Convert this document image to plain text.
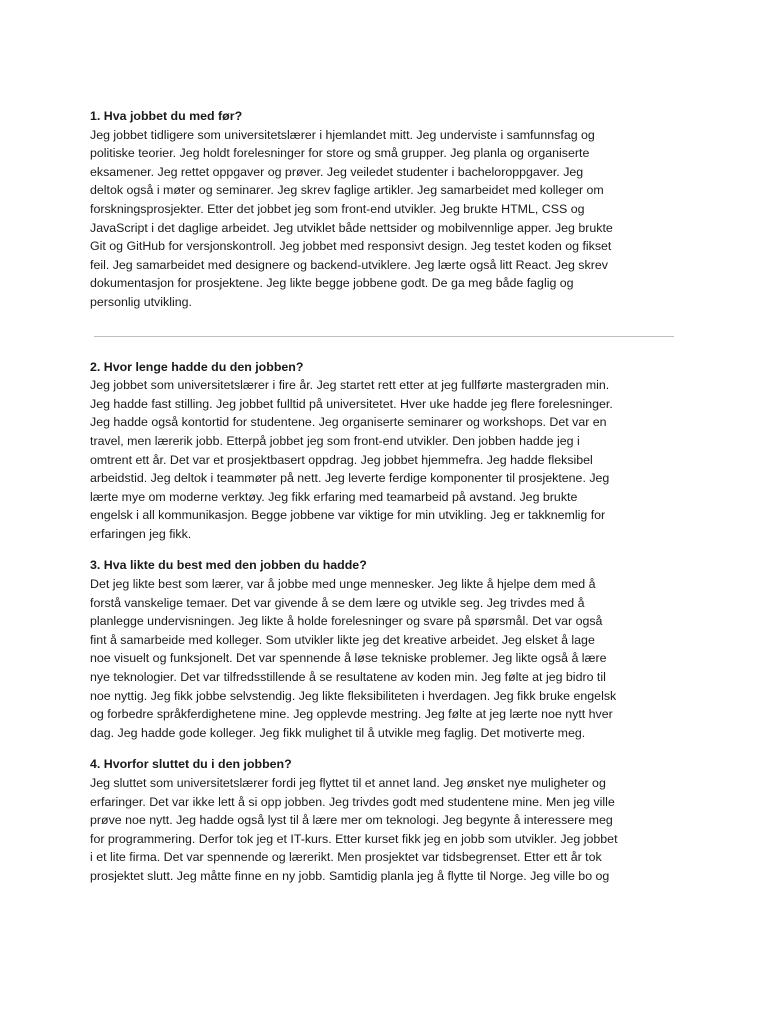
1. Hva jobbet du med før?

Jeg jobbet tidligere som universitetslærer i hjemlandet mitt. Jeg underviste i samfunnsfag og
politiske teorier. Jeg holdt forelesninger for store og små grupper. Jeg planla og organiserte
eksamener. Jeg rettet oppgaver og prøver. Jeg veiledet studenter i bacheloroppgaver. Jeg
deltok også i møter og seminarer. Jeg skrev faglige artikler. Jeg samarbeidet med kolleger om
forskningsprosjekter. Etter det jobbet jeg som front-end utvikler. Jeg brukte HTML, CSS og
JavaScript i det daglige arbeidet. Jeg utviklet både nettsider og mobilvennlige apper. Jeg brukte
Git og GitHub for versjonskontroll. Jeg jobbet med responsivt design. Jeg testet koden og fikset
feil. Jeg samarbeidet med designere og backend-utviklere. Jeg lærte også litt React. Jeg skrev
dokumentasjon for prosjektene. Jeg likte begge jobbene godt. De ga meg både faglig og
personlig utvikling.

2. Hvor lenge hadde du den jobben?

Jeg jobbet som universitetslærer i fire år. Jeg startet rett etter at jeg fullførte mastergraden min.
Jeg hadde fast stilling. Jeg jobbet fulltid på universitetet. Hver uke hadde jeg flere forelesninger.
Jeg hadde også kontortid for studentene. Jeg organiserte seminarer og workshops. Det var en
travel, men lærerik jobb. Etterpå jobbet jeg som front-end utvikler. Den jobben hadde jeg i
omtrent ett år. Det var et prosjektbasert oppdrag. Jeg jobbet hjemmefra. Jeg hadde fleksibel
arbeidstid. Jeg deltok i teammøter på nett. Jeg leverte ferdige komponenter til prosjektene. Jeg
lærte mye om moderne verktøy. Jeg fikk erfaring med teamarbeid på avstand. Jeg brukte
engelsk i all kommunikasjon. Begge jobbene var viktige for min utvikling. Jeg er takknemlig for
erfaringen jeg fikk.

3. Hva likte du best med den jobben du hadde?

Det jeg likte best som lærer, var å jobbe med unge mennesker. Jeg likte å hjelpe dem med å
forstå vanskelige temaer. Det var givende å se dem lære og utvikle seg. Jeg trivdes med å
planlegge undervisningen. Jeg likte å holde forelesninger og svare på spørsmål. Det var også
fint å samarbeide med kolleger. Som utvikler likte jeg det kreative arbeidet. Jeg elsket å lage
noe visuelt og funksjonelt. Det var spennende å løse tekniske problemer. Jeg likte også å lære
nye teknologier. Det var tilfredsstillende å se resultatene av koden min. Jeg følte at jeg bidro til
noe nyttig. Jeg fikk jobbe selvstendig. Jeg likte fleksibiliteten i hverdagen. Jeg fikk bruke engelsk
og forbedre språkferdighetene mine. Jeg opplevde mestring. Jeg følte at jeg lærte noe nytt hver
dag. Jeg hadde gode kolleger. Jeg fikk mulighet til å utvikle meg faglig. Det motiverte meg.

4. Hvorfor sluttet du i den jobben?

Jeg sluttet som universitetslærer fordi jeg flyttet til et annet land. Jeg ønsket nye muligheter og
erfaringer. Det var ikke lett å si opp jobben. Jeg trivdes godt med studentene mine. Men jeg ville
prøve noe nytt. Jeg hadde også lyst til å lære mer om teknologi. Jeg begynte å interessere meg
for programmering. Derfor tok jeg et IT-kurs. Etter kurset fikk jeg en jobb som utvikler. Jeg jobbet
i et lite firma. Det var spennende og lærerikt. Men prosjektet var tidsbegrenset. Etter ett år tok
prosjektet slutt. Jeg måtte finne en ny jobb. Samtidig planla jeg å flytte til Norge. Jeg ville bo og
